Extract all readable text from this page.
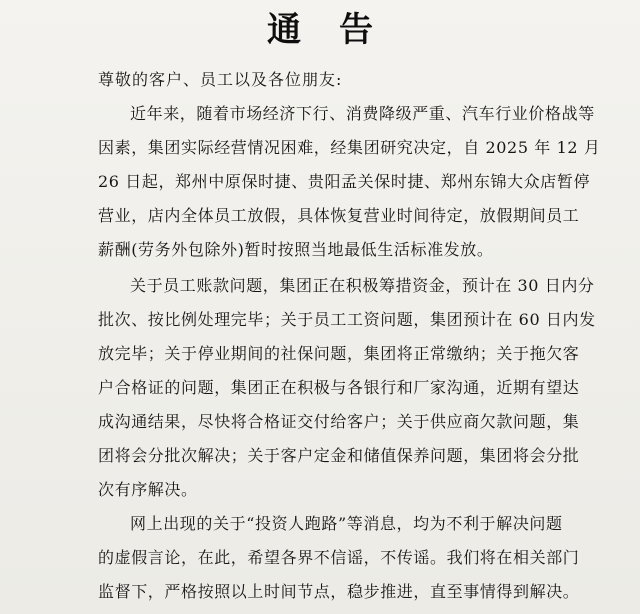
通告
尊敬的客户、员工以及各位朋友:
近年来，随着市场经济下行、消费降级严重、汽车行业价格战等
因素，集团实际经营情况困难，经集团研究决定，自 2025 年 12 月
26 日起，郑州中原保时捷、贵阳孟关保时捷、郑州东锦大众店暂停
营业，店内全体员工放假，具体恢复营业时间待定，放假期间员工
薪酬(劳务外包除外)暂时按照当地最低生活标准发放。
关于员工账款问题，集团正在积极筹措资金，预计在 30 日内分
批次、按比例处理完毕；关于员工工资问题，集团预计在 60 日内发
放完毕；关于停业期间的社保问题，集团将正常缴纳；关于拖欠客
户合格证的问题，集团正在积极与各银行和厂家沟通，近期有望达
成沟通结果，尽快将合格证交付给客户；关于供应商欠款问题，集
团将会分批次解决；关于客户定金和储值保养问题，集团将会分批
次有序解决。
网上出现的关于“投资人跑路”等消息，均为不利于解决问题
的虚假言论，在此，希望各界不信谣，不传谣。我们将在相关部门
监督下，严格按照以上时间节点，稳步推进，直至事情得到解决。
